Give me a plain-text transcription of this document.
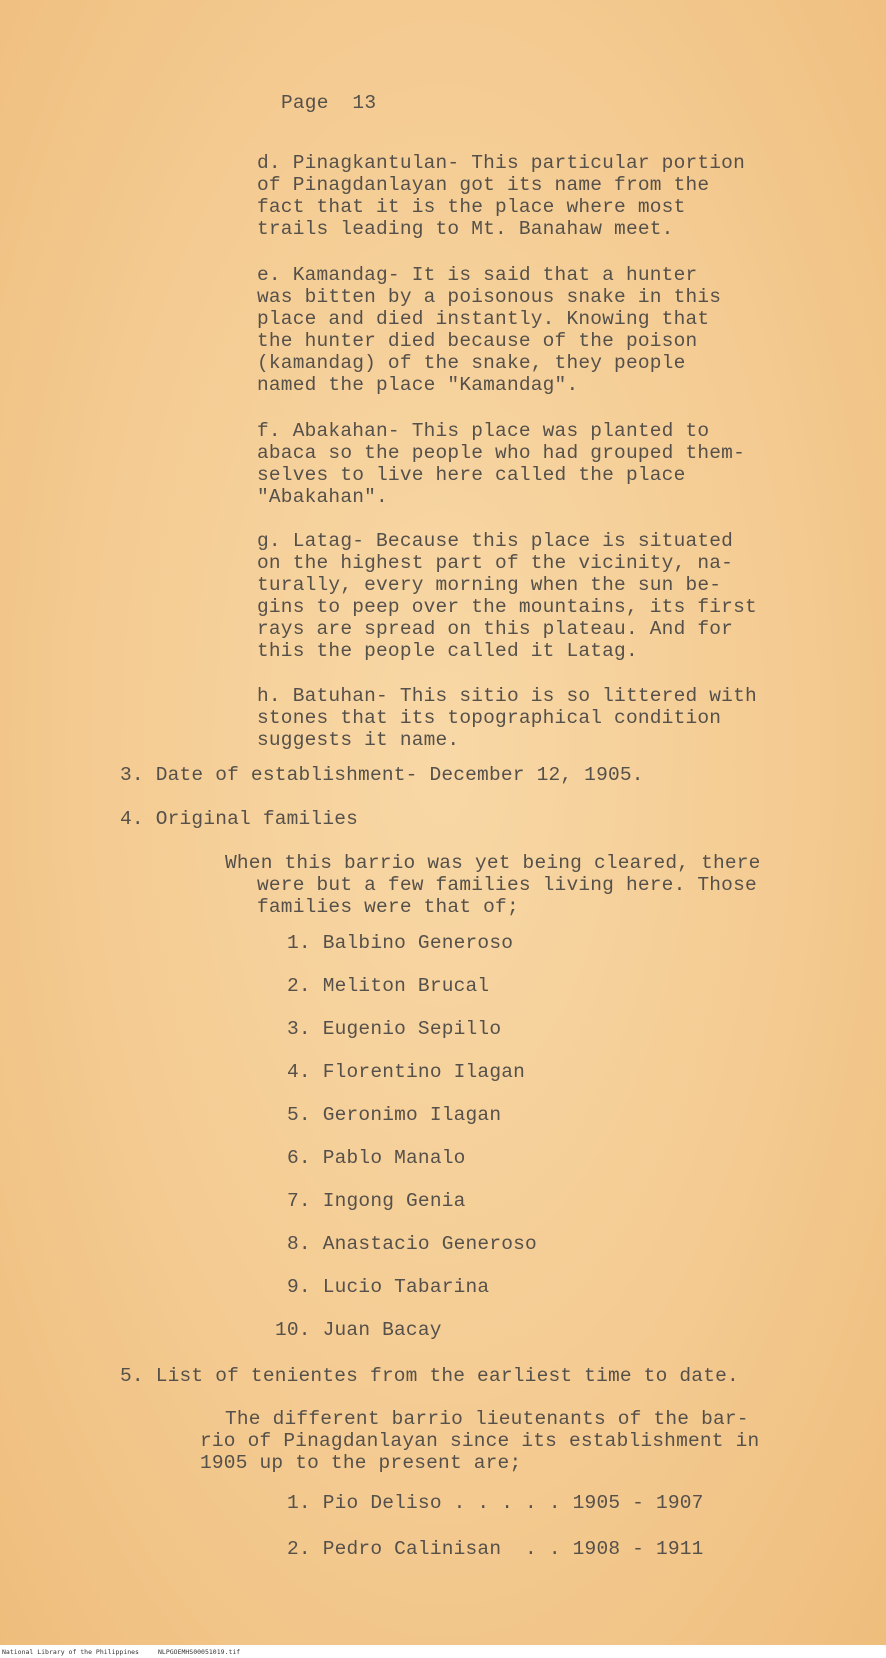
Page  13
d. Pinagkantulan- This particular portion
of Pinagdanlayan got its name from the
fact that it is the place where most
trails leading to Mt. Banahaw meet.
e. Kamandag- It is said that a hunter
was bitten by a poisonous snake in this
place and died instantly. Knowing that
the hunter died because of the poison
(kamandag) of the snake, they people
named the place "Kamandag".
f. Abakahan- This place was planted to
abaca so the people who had grouped them-
selves to live here called the place
"Abakahan".
g. Latag- Because this place is situated
on the highest part of the vicinity, na-
turally, every morning when the sun be-
gins to peep over the mountains, its first
rays are spread on this plateau. And for
this the people called it Latag.
h. Batuhan- This sitio is so littered with
stones that its topographical condition
suggests it name.
3. Date of establishment- December 12, 1905.
4. Original families
When this barrio was yet being cleared, there
were but a few families living here. Those
families were that of;
1. Balbino Generoso
2. Meliton Brucal
3. Eugenio Sepillo
4. Florentino Ilagan
5. Geronimo Ilagan
6. Pablo Manalo
7. Ingong Genia
8. Anastacio Generoso
9. Lucio Tabarina
10. Juan Bacay
5. List of tenientes from the earliest time to date.
The different barrio lieutenants of the bar-
rio of Pinagdanlayan since its establishment in
1905 up to the present are;
1. Pio Deliso . . . . . 1905 - 1907
2. Pedro Calinisan  . . 1908 - 1911
National Library of the Philippines	NLPGOEMHS00051019.tif
